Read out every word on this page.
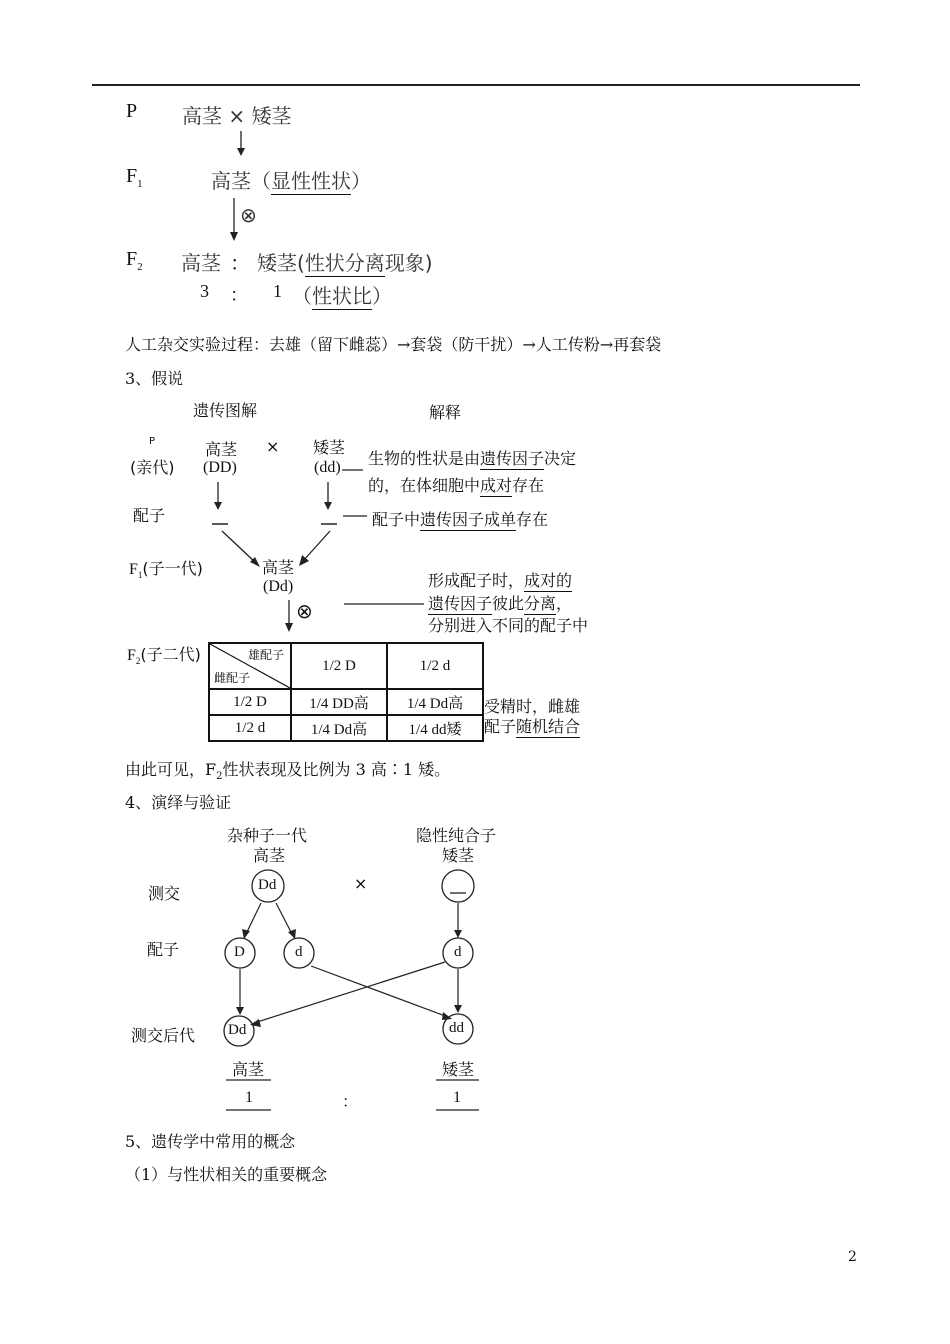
P 高茎 × 矮茎
$F_1$	高茎（显性性状）
$F_2$ 高茎 ： 矮茎(性状分离现象)
3 ： 1 （性状比）
⊗
人工杂交实验过程：去雄（留下雌蕊）→套袋（防干扰）→人工传粉→再套袋
3、假说
遗传图解	解释
P
(亲代)
高茎
(DD)
× 矮茎
(dd) 生物的性状是由遗传因子决定
的，在体细胞中成对存在
配子	配子中遗传因子成单存在
$F_1$(子一代)	高茎
(Dd)
⊗
形成配子时，成对的
遗传因子彼此分离，
分别进入不同的配子中
$F_2$(子二代)	雄配子
雌配子	1/2 D	1/2 d
1/2 D	1/4 DD高	1/4 Dd高
1/2 d	1/4 Dd高	1/4 dd矮
受精时，雌雄
配子随机结合
由此可见，$F_2$性状表现及比例为 3 高∶1 矮。
4、演绎与验证
杂种子一代
高茎
隐性纯合子
矮茎
测交
配子
测交后代
Dd	×
D	d	d
Dd	dd
高茎	矮茎
1	：	1
5、遗传学中常用的概念
（1）与性状相关的重要概念
2
